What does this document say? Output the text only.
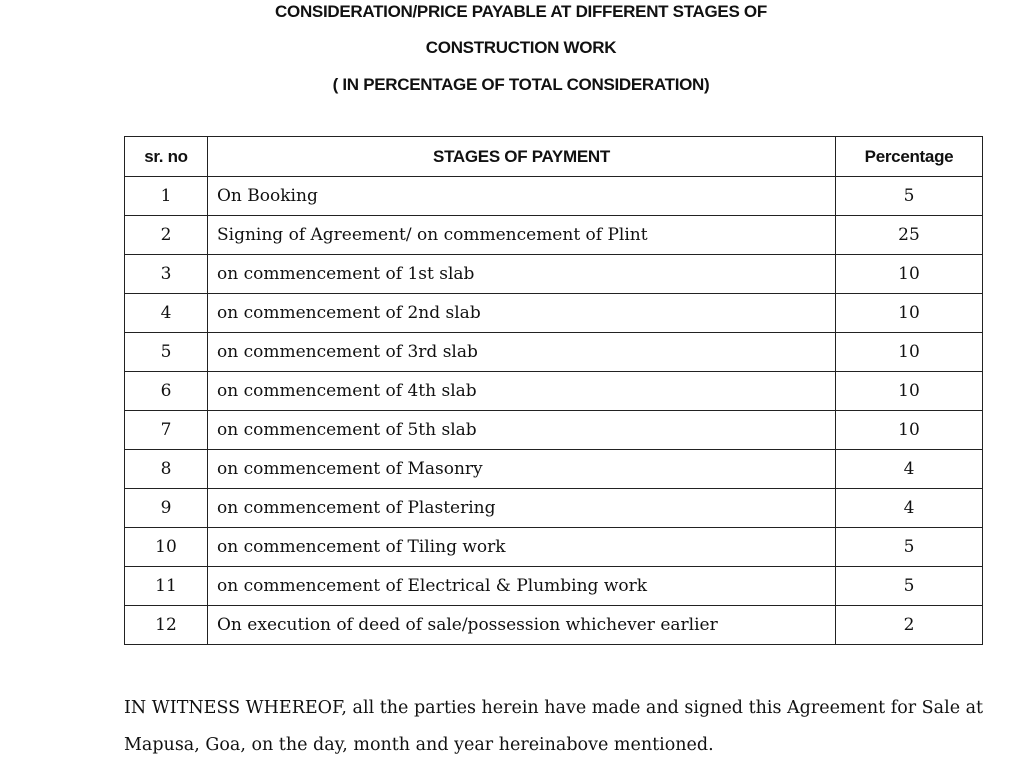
CONSIDERATION/PRICE PAYABLE AT DIFFERENT STAGES OF
CONSTRUCTION WORK
( IN PERCENTAGE OF TOTAL CONSIDERATION)
sr. no	STAGES OF PAYMENT	Percentage
1	On Booking	5
2	Signing of Agreement/ on commencement of Plint	25
3	on commencement of 1st slab	10
4	on commencement of 2nd slab	10
5	on commencement of 3rd slab	10
6	on commencement of 4th slab	10
7	on commencement of 5th slab	10
8	on commencement of Masonry	4
9	on commencement of Plastering	4
10	on commencement of Tiling work	5
11	on commencement of Electrical & Plumbing work	5
12	On execution of deed of sale/possession whichever earlier	2
IN WITNESS WHEREOF, all the parties herein have made and signed this Agreement for Sale at Mapusa, Goa, on the day, month and year hereinabove mentioned.
